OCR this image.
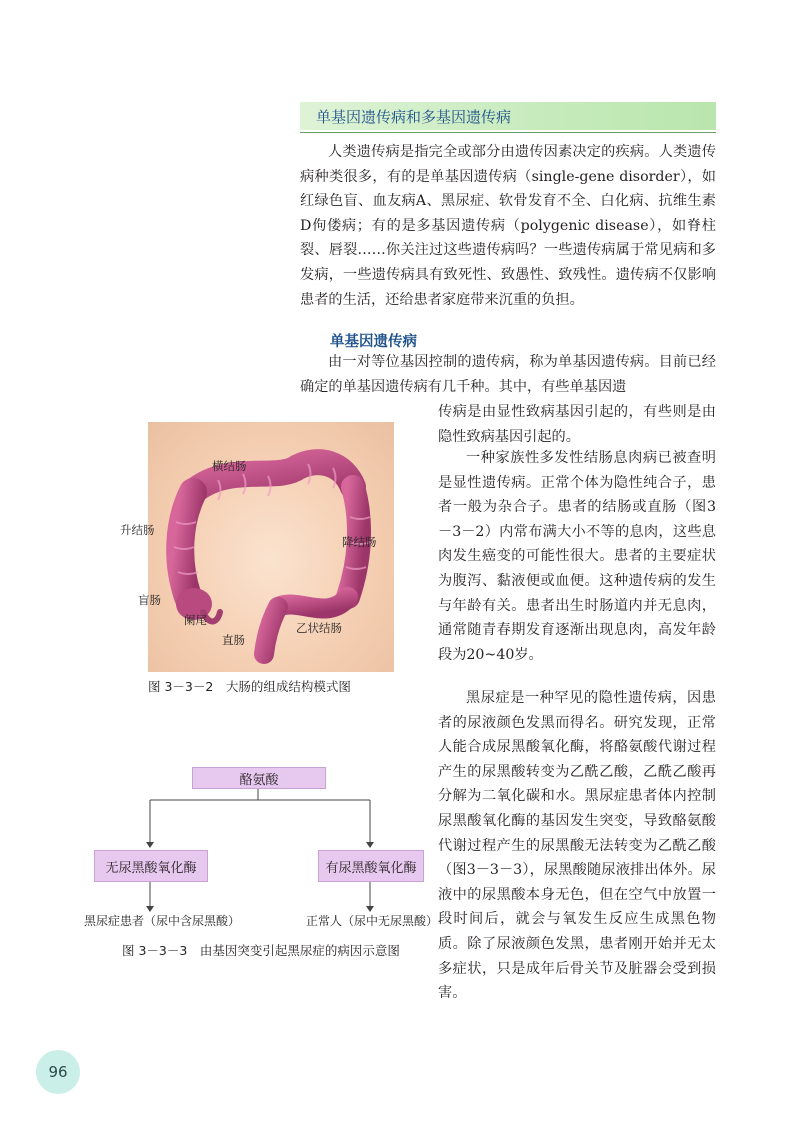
单基因遗传病和多基因遗传病

人类遗传病是指完全或部分由遗传因素决定的疾病。人类遗传病种类很多，有的是单基因遗传病（single-gene disorder），如红绿色盲、血友病A、黑尿症、软骨发育不全、白化病、抗维生素D佝偻病；有的是多基因遗传病（polygenic disease），如脊柱裂、唇裂……你关注过这些遗传病吗？一些遗传病属于常见病和多发病，一些遗传病具有致死性、致愚性、致残性。遗传病不仅影响患者的生活，还给患者家庭带来沉重的负担。

单基因遗传病

由一对等位基因控制的遗传病，称为单基因遗传病。目前已经确定的单基因遗传病有几千种。其中，有些单基因遗

传病是由显性致病基因引起的，有些则是由隐性致病基因引起的。

一种家族性多发性结肠息肉病已被查明是显性遗传病。正常个体为隐性纯合子，患者一般为杂合子。患者的结肠或直肠（图3－3－2）内常布满大小不等的息肉，这些息肉发生癌变的可能性很大。患者的主要症状为腹泻、黏液便或血便。这种遗传病的发生与年龄有关。患者出生时肠道内并无息肉，通常随青春期发育逐渐出现息肉，高发年龄段为20~40岁。

黑尿症是一种罕见的隐性遗传病，因患者的尿液颜色发黑而得名。研究发现，正常人能合成尿黑酸氧化酶，将酪氨酸代谢过程产生的尿黑酸转变为乙酰乙酸，乙酰乙酸再分解为二氧化碳和水。黑尿症患者体内控制尿黑酸氧化酶的基因发生突变，导致酪氨酸代谢过程产生的尿黑酸无法转变为乙酰乙酸（图3－3－3），尿黑酸随尿液排出体外。尿液中的尿黑酸本身无色，但在空气中放置一段时间后，就会与氧发生反应生成黑色物质。除了尿液颜色发黑，患者刚开始并无太多症状，只是成年后骨关节及脏器会受到损害。

横结肠
升结肠
降结肠
盲肠
阑尾
直肠
乙状结肠
图 3－3－2　大肠的组成结构模式图
酪氨酸
无尿黑酸氧化酶	有尿黑酸氧化酶
黑尿症患者（尿中含尿黑酸）	正常人（尿中无尿黑酸）
图 3－3－3　由基因突变引起黑尿症的病因示意图
96
